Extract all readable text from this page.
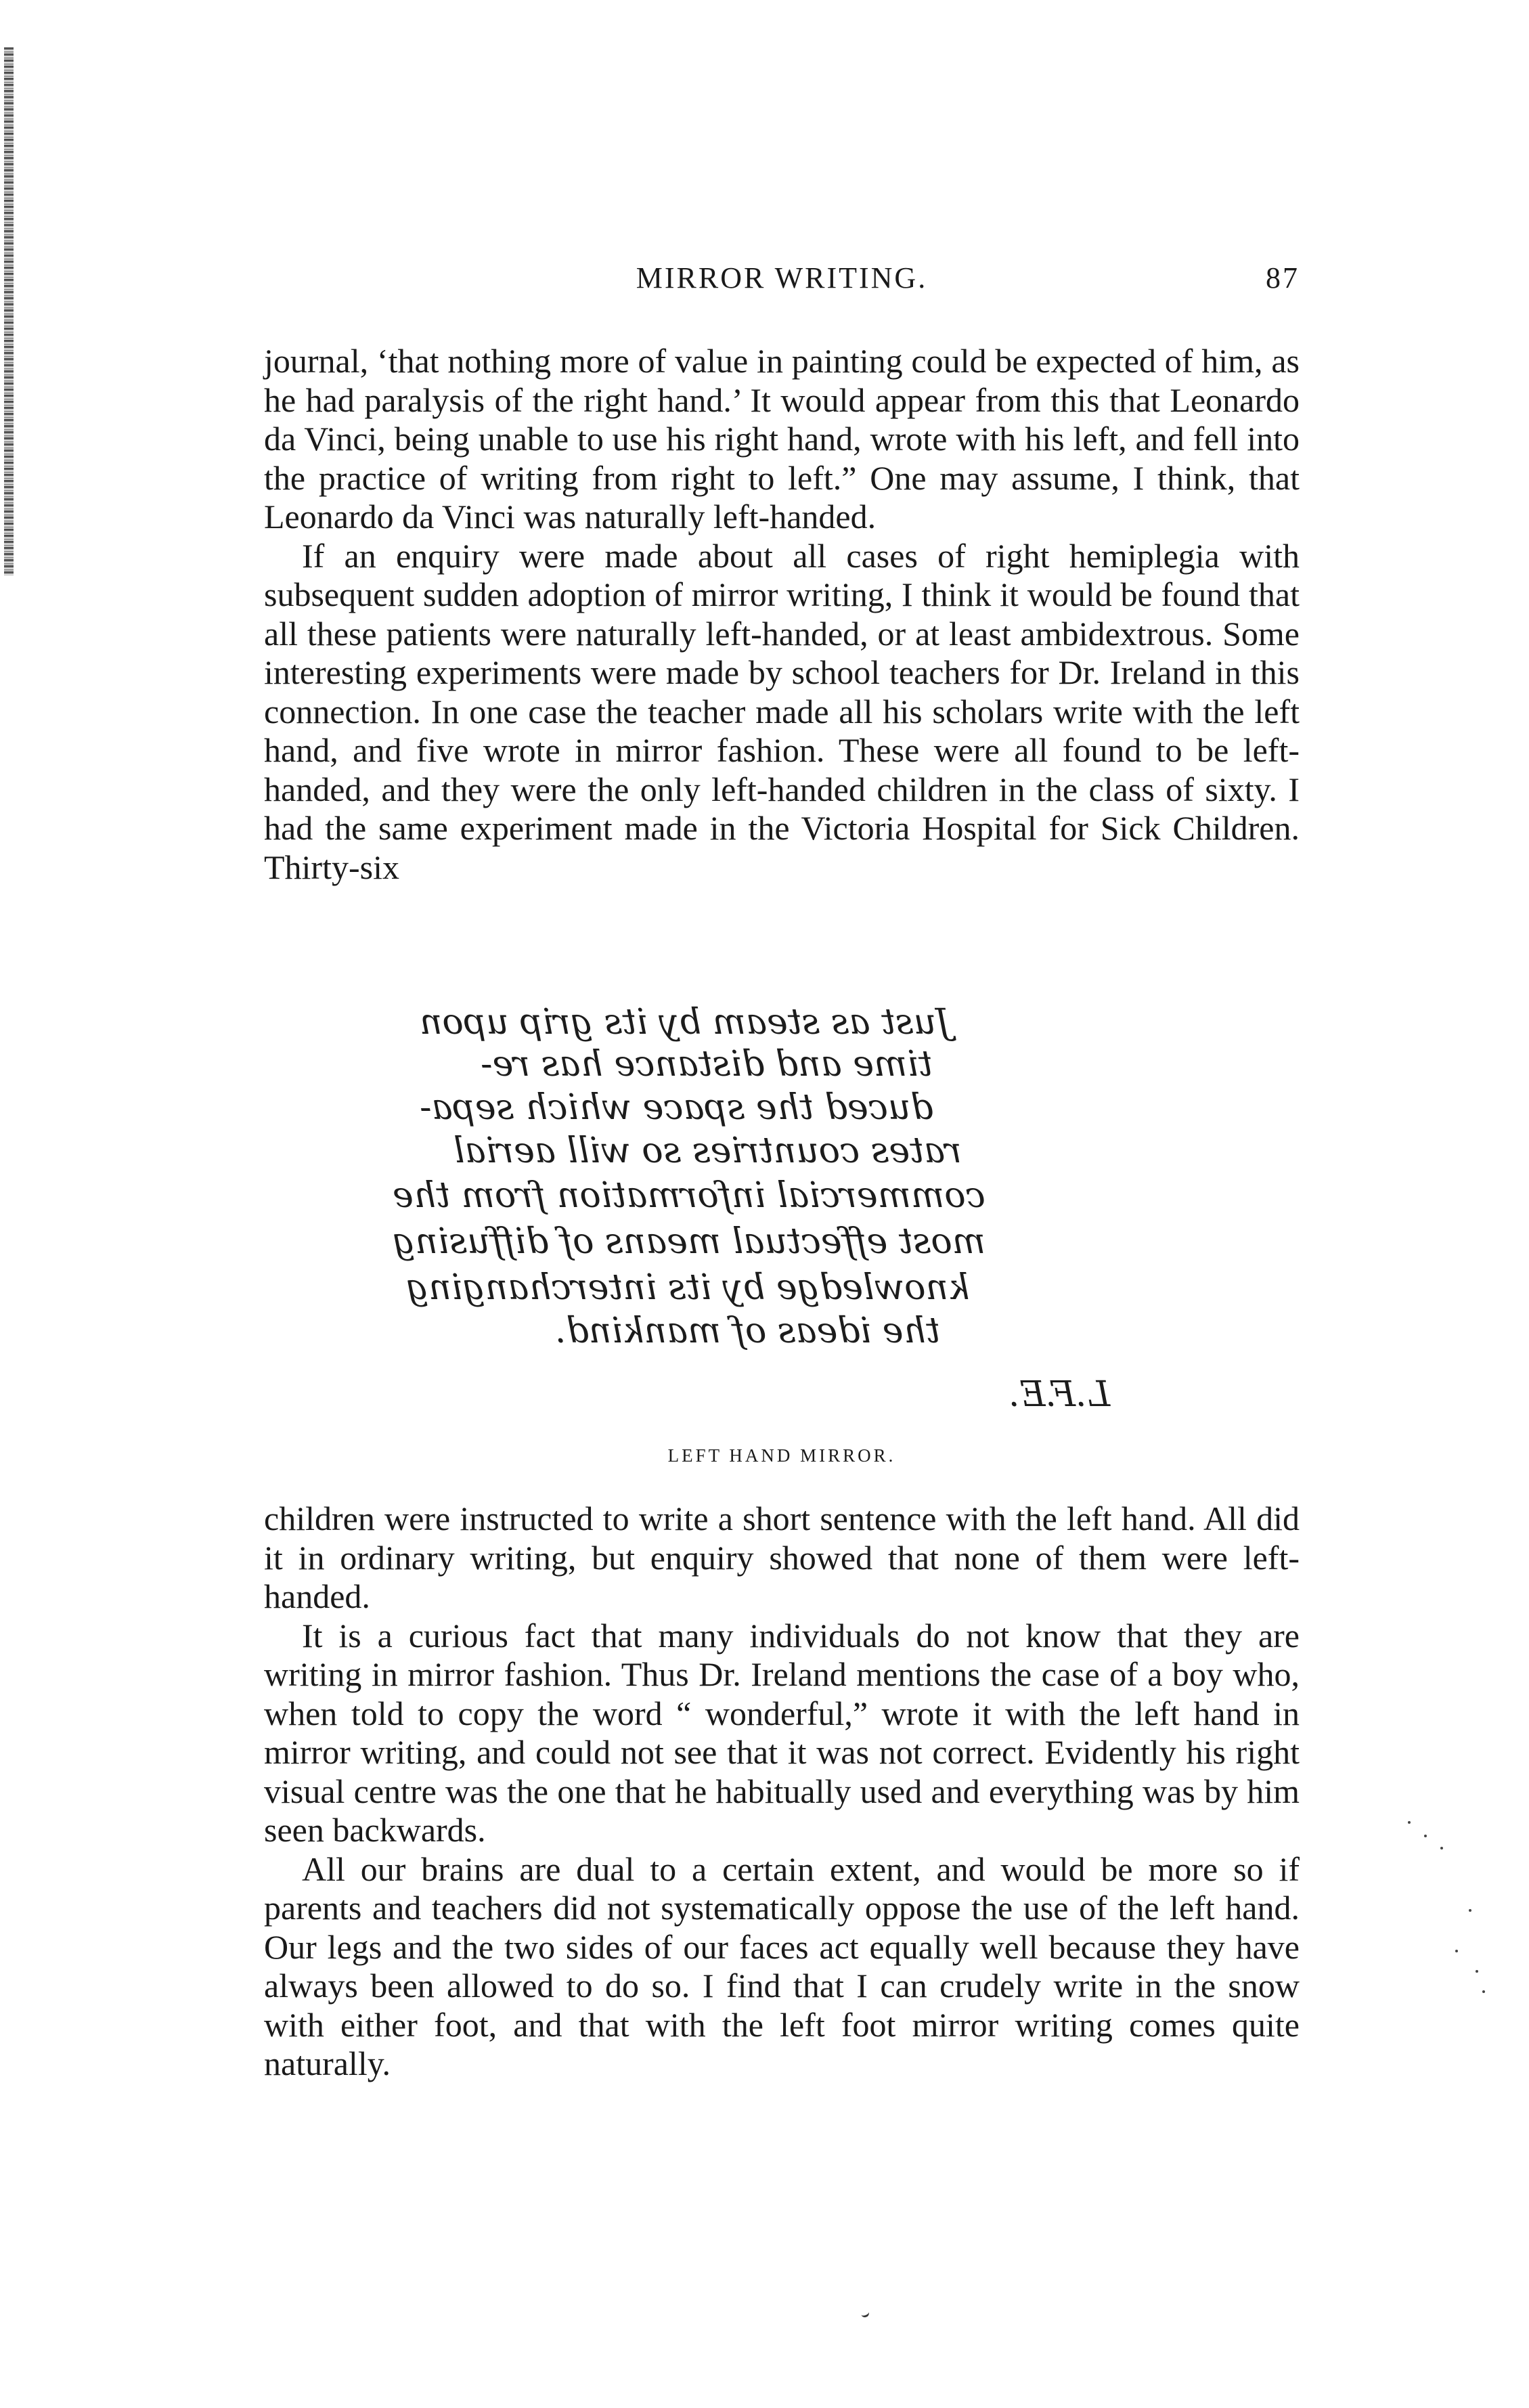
MIRROR WRITING.	87

journal, ‘that nothing more of value in painting could be expected of him, as he had paralysis of the right hand.’ It would appear from this that Leonardo da Vinci, being unable to use his right hand, wrote with his left, and fell into the practice of writing from right to left.” One may assume, I think, that Leonardo da Vinci was naturally left-handed.

If an enquiry were made about all cases of right hemiplegia with subsequent sudden adoption of mirror writing, I think it would be found that all these patients were naturally left-handed, or at least ambidextrous. Some interesting experiments were made by school teachers for Dr. Ireland in this connection. In one case the teacher made all his scholars write with the left hand, and five wrote in mirror fashion. These were all found to be left-handed, and they were the only left-handed children in the class of sixty. I had the same experiment made in the Victoria Hospital for Sick Children. Thirty-six

Just as steam by its grip upon
time and distance has re-
duced the space which sepa-
rates countries so will aerial
commercial information from the
most effectual means of diffusing
knowledge by its interchanging
the ideas of mankind.
L.F.E.
LEFT HAND MIRROR.

children were instructed to write a short sentence with the left hand. All did it in ordinary writing, but enquiry showed that none of them were left-handed.

It is a curious fact that many individuals do not know that they are writing in mirror fashion. Thus Dr. Ireland mentions the case of a boy who, when told to copy the word “ wonderful,” wrote it with the left hand in mirror writing, and could not see that it was not correct. Evidently his right visual centre was the one that he habitually used and everything was by him seen backwards.

All our brains are dual to a certain extent, and would be more so if parents and teachers did not systematically oppose the use of the left hand. Our legs and the two sides of our faces act equally well because they have always been allowed to do so. I find that I can crudely write in the snow with either foot, and that with the left foot mirror writing comes quite naturally.
